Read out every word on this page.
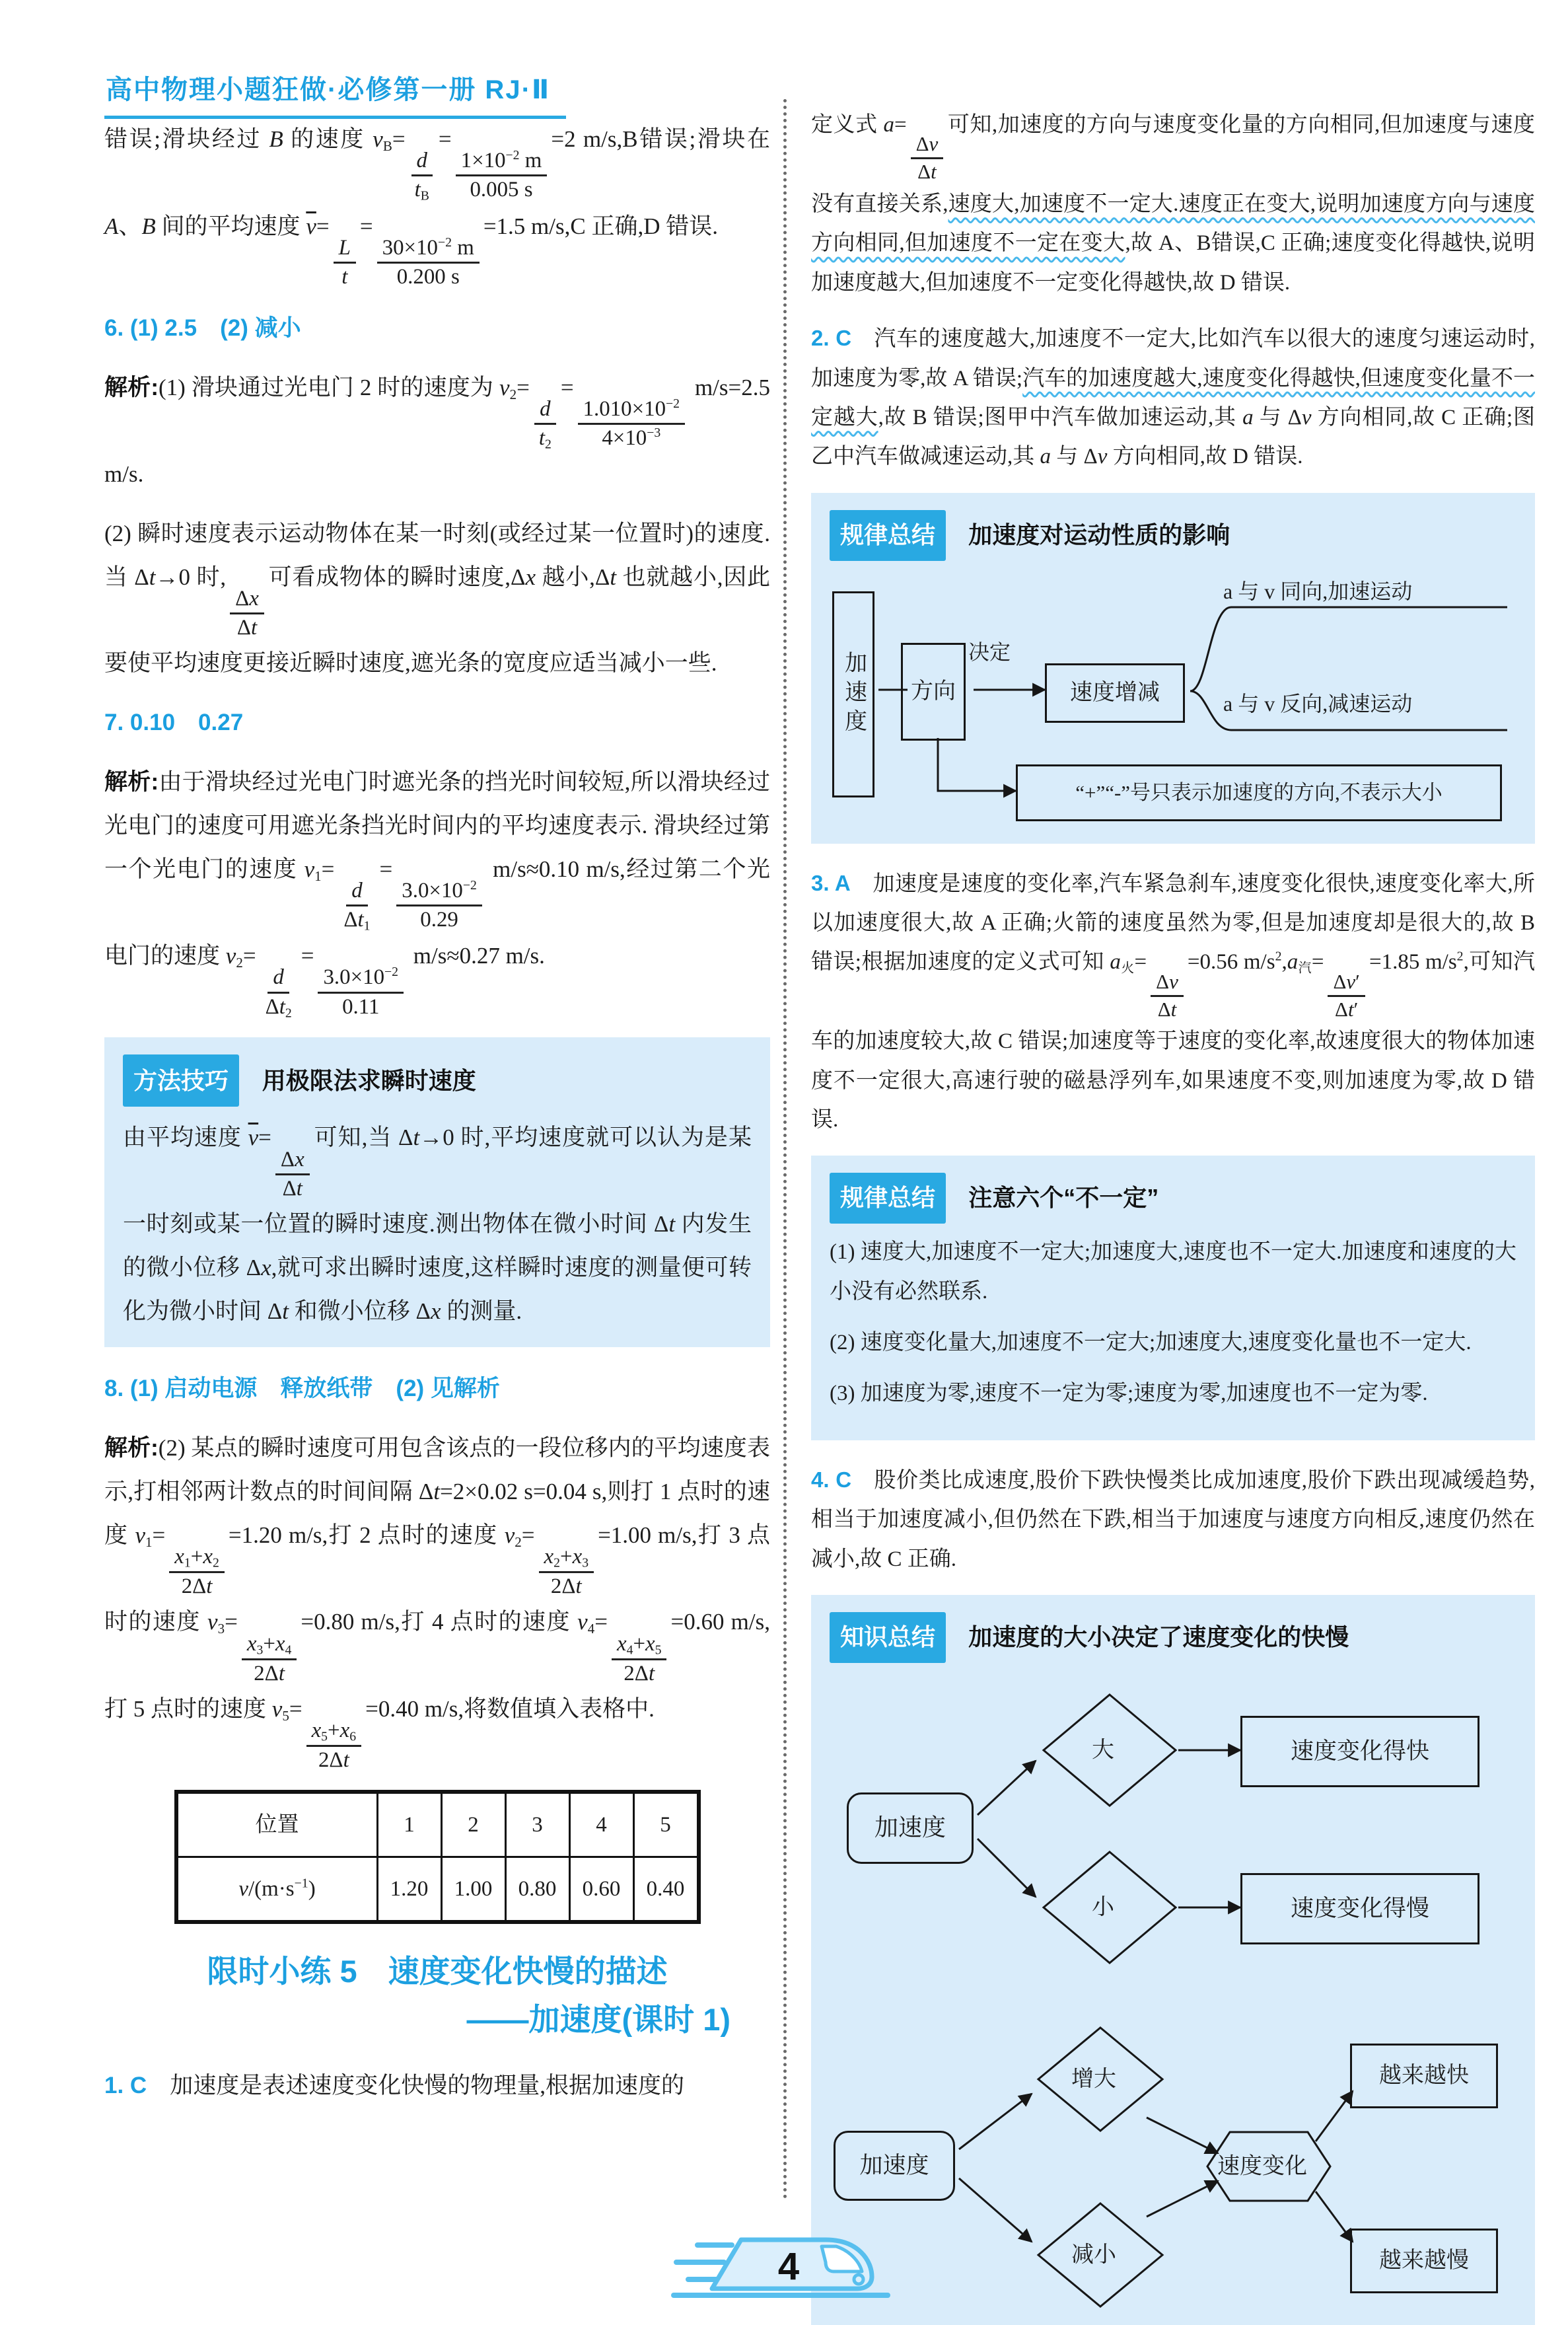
高中物理小题狂做·必修第一册 RJ·Ⅱ

错误;滑块经过 B 的速度 vB=
$\frac{d}{tB}$
=
$\frac{1\times 10^{-2} m}{0.005 s}$
=2 m/s,B错误;滑块在 A、B 间的平均速度 $\overline{v}=$
$\frac{L}{t}$
=
$\frac{30\times 10^{-2} m}{0.200 s}$
=1.5 m/s,C 正确,D 错误.

6. (1) 2.5　(2) 减小

解析:(1) 滑块通过光电门 2 时的速度为 v2=
$\frac{d}{t2}$
=
$\frac{1.010\times 10^{-2}}{4\times 10^{-3}}$
m/s=2.5 m/s.

(2) 瞬时速度表示运动物体在某一时刻(或经过某一位置时)的速度. 当 Δt→0 时,
$\frac{\Delta x}{\Delta t}$
可看成物体的瞬时速度,Δx 越小,Δt 也就越小,因此要使平均速度更接近瞬时速度,遮光条的宽度应适当减小一些.

7. 0.10　0.27

解析:由于滑块经过光电门时遮光条的挡光时间较短,所以滑块经过光电门的速度可用遮光条挡光时间内的平均速度表示. 滑块经过第一个光电门的速度 v1=
$\frac{d}{\Delta t1}$
=
$\frac{3.0\times 10^{-2}}{0.29}$
m/s≈0.10 m/s,经过第二个光电门的速度 v2=
$\frac{d}{\Delta t2}$
=
$\frac{3.0\times 10^{-2}}{0.11}$
m/s≈0.27 m/s.

方法技巧 用极限法求瞬时速度

由平均速度 $\overline{v}=$
$\frac{\Delta x}{\Delta t}$
可知,当 Δt→0 时,平均速度就可以认为是某一时刻或某一位置的瞬时速度.测出物体在微小时间 Δt 内发生的微小位移 Δx,就可求出瞬时速度,这样瞬时速度的测量便可转化为微小时间 Δt 和微小位移 Δx 的测量.

8. (1) 启动电源　释放纸带　(2) 见解析

解析:(2) 某点的瞬时速度可用包含该点的一段位移内的平均速度表示,打相邻两计数点的时间间隔 Δt=2×0.02 s=0.04 s,则打 1 点时的速度 v1=
$\frac{x1+x2}{2\Delta t}$
=1.20 m/s,打 2 点时的速度 v2=
$\frac{x2+x3}{2\Delta t}$
=1.00 m/s,打 3 点时的速度 v3=
$\frac{x3+x4}{2\Delta t}$
=0.80 m/s,打 4 点时的速度 v4=
$\frac{x4+x5}{2\Delta t}$
=0.60 m/s,打 5 点时的速度 v5=
$\frac{x5+x6}{2\Delta t}$
=0.40 m/s,将数值填入表格中.

位置	1	2	3	4	5
$v/(m\cdot s^{-1})$	1.20	1.00	0.80	0.60	0.40
限时小练 5　速度变化快慢的描述
——加速度(课时 1)

1. C　加速度是表述速度变化快慢的物理量,根据加速度的

定义式 a=
$\frac{\Delta v}{\Delta t}$
可知,加速度的方向与速度变化量的方向相同,但加速度与速度没有直接关系,速度大,加速度不一定大.速度正在变大,说明加速度方向与速度方向相同,但加速度不一定在变大,故 A、B错误,C 正确;速度变化得越快,说明加速度越大,但加速度不一定变化得越快,故 D 错误.

2. C　汽车的速度越大,加速度不一定大,比如汽车以很大的速度匀速运动时,加速度为零,故 A 错误;汽车的加速度越大,速度变化得越快,但速度变化量不一定越大,故 B 错误;图甲中汽车做加速运动,其 a 与 Δv 方向相同,故 C 正确;图乙中汽车做减速运动,其 a 与 Δv 方向相同,故 D 错误.

规律总结 加速度对运动性质的影响
加速度	方向
决定
速度增减
a 与 v 同向,加速运动
a 与 v 反向,减速运动
“+”“-”号只表示加速度的方向,不表示大小

3. A　加速度是速度的变化率,汽车紧急刹车,速度变化很快,速度变化率大,所以加速度很大,故 A 正确;火箭的速度虽然为零,但是加速度却是很大的,故 B 错误;根据加速度的定义式可知 a火=
$\frac{\Delta v}{\Delta t}$
=0.56 $m/s^2,a$汽=
$\frac{\Delta v'}{\Delta t'}$
=1.85 $m/s^2$,可知汽车的加速度较大,故 C 错误;加速度等于速度的变化率,故速度很大的物体加速度不一定很大,高速行驶的磁悬浮列车,如果速度不变,则加速度为零,故 D 错误.

规律总结 注意六个“不一定”

(1) 速度大,加速度不一定大;加速度大,速度也不一定大.加速度和速度的大小没有必然联系.

(2) 速度变化量大,加速度不一定大;加速度大,速度变化量也不一定大.

(3) 加速度为零,速度不一定为零;速度为零,加速度也不一定为零.

4. C　股价类比成速度,股价下跌快慢类比成加速度,股价下跌出现减缓趋势,相当于加速度减小,但仍然在下跌,相当于加速度与速度方向相反,速度仍然在减小,故 C 正确.

知识总结 加速度的大小决定了速度变化的快慢
加速度
大
小
速度变化得快
速度变化得慢
加速度
增大
减小
速度变化
越来越快
越来越慢
4
